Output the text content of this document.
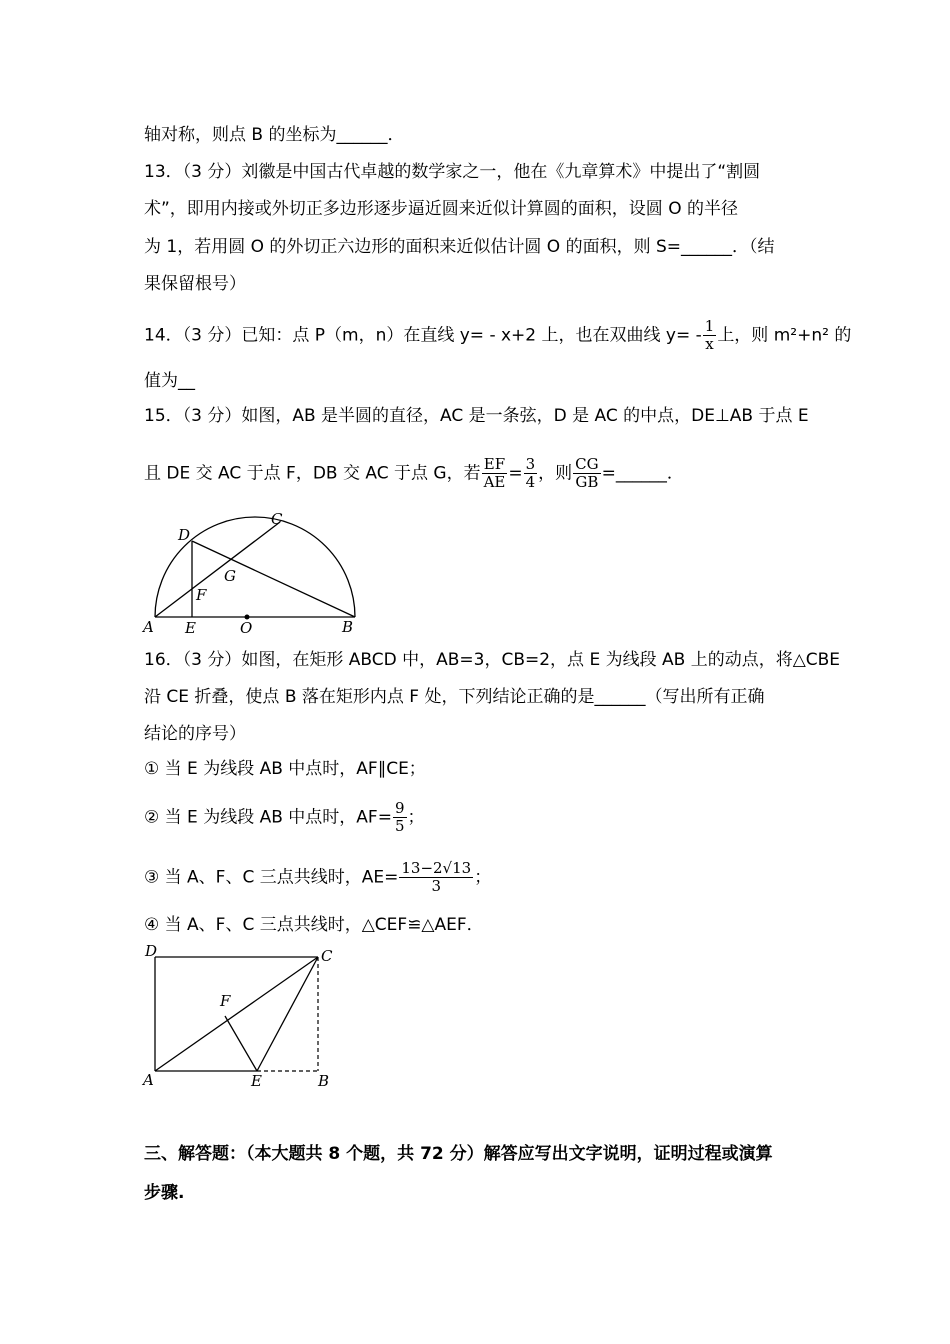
轴对称，则点 B 的坐标为______．
13．（3 分）刘徽是中国古代卓越的数学家之一，他在《九章算术》中提出了“割圆
术”，即用内接或外切正多边形逐步逼近圆来近似计算圆的面积，设圆 O 的半径
为 1，若用圆 O 的外切正六边形的面积来近似估计圆 O 的面积，则 S=______．（结
果保留根号）
14．（3 分）已知：点 P（m，n）在直线 y= - x+2 上，也在双曲线 $y= - \frac{1}{x}$ 上，则 m²+n² 的
值为__
15．（3 分）如图，AB 是半圆的直径，AC 是一条弦，D 是 AC 的中点，DE⊥AB 于点 E
且 DE 交 AC 于点 F，DB 交 AC 于点 G，若 $\frac{EF}{AE} = \frac{3}{4}$ ，则 $\frac{CG}{GB}$ =______．
D
C
G
F
A E	O	B
16．（3 分）如图，在矩形 ABCD 中，AB=3，CB=2，点 E 为线段 AB 上的动点，将△CBE
沿 CE 折叠，使点 B 落在矩形内点 F 处，下列结论正确的是______（写出所有正确
结论的序号）
① 当 E 为线段 AB 中点时，AF∥CE；
② 当 E 为线段 AB 中点时，$AF= \frac{9}{5}$ ；
③ 当 A、F、C 三点共线时，$AE= \frac{13-2√13}{3}$ ；
④ 当 A、F、C 三点共线时，△CEF≌△AEF．
D	C
F
A	E	B
三、解答题：（本大题共 8 个题，共 72 分）解答应写出文字说明，证明过程或演算
步骤.
